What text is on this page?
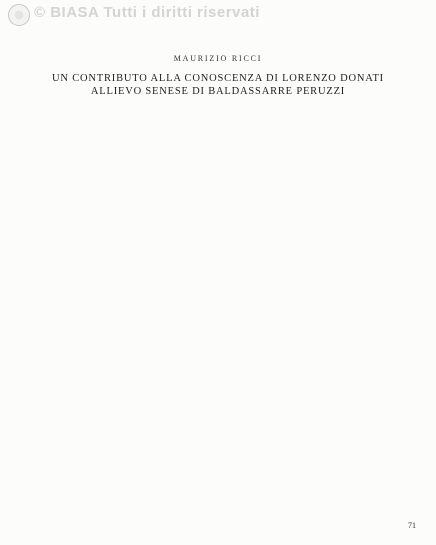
© BIASA Tutti i diritti riservati
MAURIZIO RICCI
UN CONTRIBUTO ALLA CONOSCENZA DI LORENZO DONATI
ALLIEVO SENESE DI BALDASSARRE PERUZZI
71
